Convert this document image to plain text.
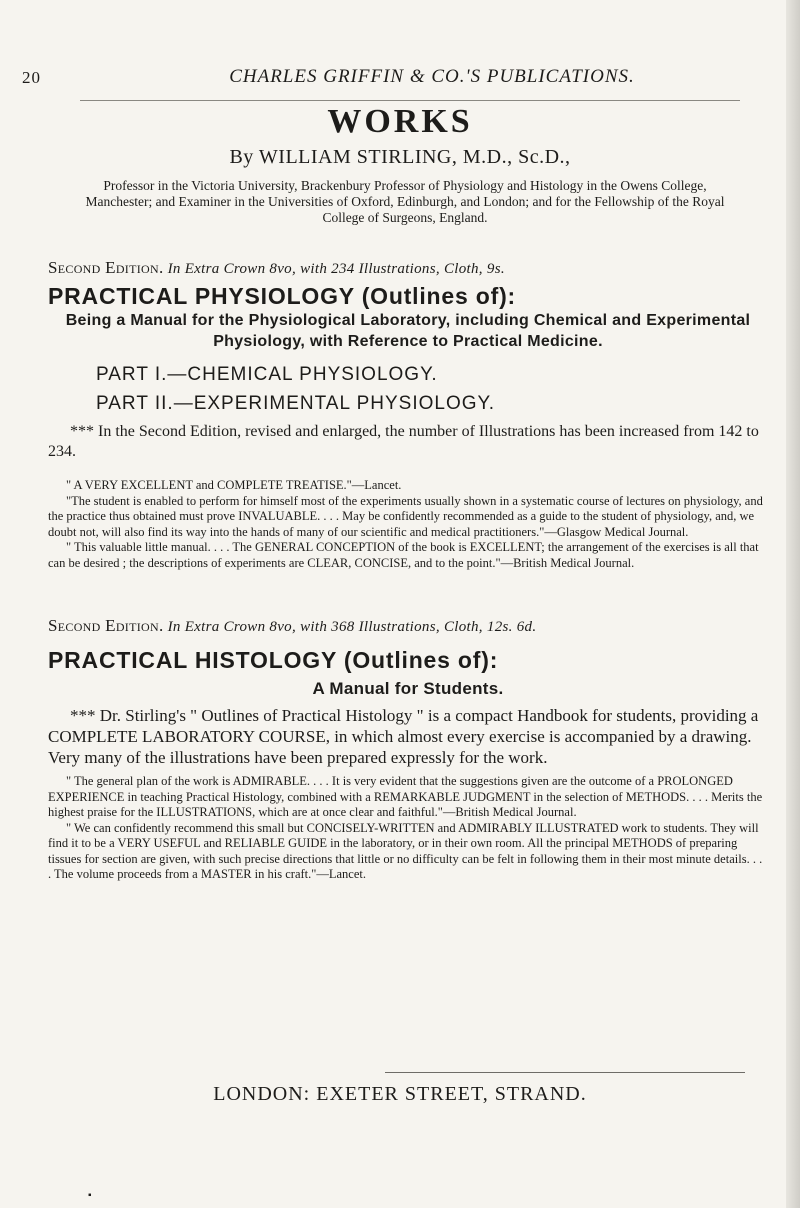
20	CHARLES GRIFFIN & CO.'S PUBLICATIONS.
WORKS
By WILLIAM STIRLING, M.D., Sc.D.,
Professor in the Victoria University, Brackenbury Professor of Physiology and Histology in the Owens College, Manchester; and Examiner in the Universities of Oxford, Edinburgh, and London; and for the Fellowship of the Royal College of Surgeons, England.
Second Edition. In Extra Crown 8vo, with 234 Illustrations, Cloth, 9s.
PRACTICAL PHYSIOLOGY (Outlines of):
Being a Manual for the Physiological Laboratory, including Chemical and Experimental Physiology, with Reference to Practical Medicine.
PART I.—CHEMICAL PHYSIOLOGY.
PART II.—EXPERIMENTAL PHYSIOLOGY.

*** In the Second Edition, revised and enlarged, the number of Illustrations has been increased from 142 to 234.

" A VERY EXCELLENT and COMPLETE TREATISE."—Lancet.

"The student is enabled to perform for himself most of the experiments usually shown in a systematic course of lectures on physiology, and the practice thus obtained must prove INVALUABLE. . . . May be confidently recommended as a guide to the student of physiology, and, we doubt not, will also find its way into the hands of many of our scientific and medical practitioners."—Glasgow Medical Journal.

" This valuable little manual. . . . The GENERAL CONCEPTION of the book is EXCELLENT; the arrangement of the exercises is all that can be desired ; the descriptions of experiments are CLEAR, CONCISE, and to the point."—British Medical Journal.

Second Edition. In Extra Crown 8vo, with 368 Illustrations, Cloth, 12s. 6d.
PRACTICAL HISTOLOGY (Outlines of):
A Manual for Students.

*** Dr. Stirling's " Outlines of Practical Histology " is a compact Handbook for students, providing a COMPLETE LABORATORY COURSE, in which almost every exercise is accompanied by a drawing. Very many of the illustrations have been prepared expressly for the work.

" The general plan of the work is ADMIRABLE. . . . It is very evident that the suggestions given are the outcome of a PROLONGED EXPERIENCE in teaching Practical Histology, combined with a REMARKABLE JUDGMENT in the selection of METHODS. . . . Merits the highest praise for the ILLUSTRATIONS, which are at once clear and faithful."—British Medical Journal.

" We can confidently recommend this small but CONCISELY-WRITTEN and ADMIRABLY ILLUSTRATED work to students. They will find it to be a VERY USEFUL and RELIABLE GUIDE in the laboratory, or in their own room. All the principal METHODS of preparing tissues for section are given, with such precise directions that little or no difficulty can be felt in following them in their most minute details. . . . The volume proceeds from a MASTER in his craft."—Lancet.

LONDON: EXETER STREET, STRAND.
▪
